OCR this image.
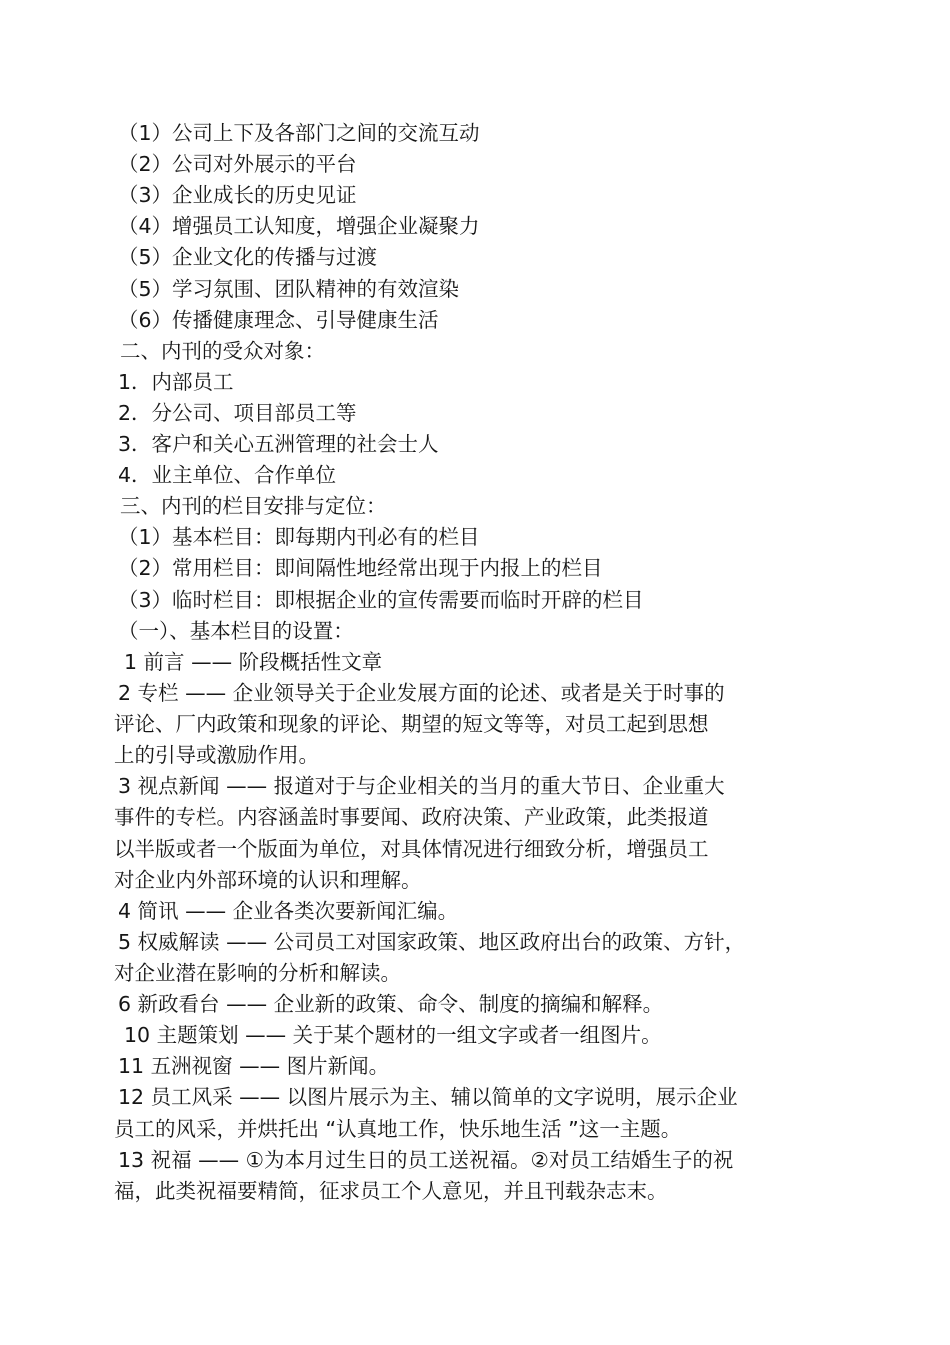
（1）公司上下及各部门之间的交流互动
（2）公司对外展示的平台
（3）企业成长的历史见证
（4）增强员工认知度，增强企业凝聚力
（5）企业文化的传播与过渡
（5）学习氛围、团队精神的有效渲染
（6）传播健康理念、引导健康生活
二、内刊的受众对象：
1．内部员工
2．分公司、项目部员工等
3．客户和关心五洲管理的社会士人
4．业主单位、合作单位
三、内刊的栏目安排与定位：
（1）基本栏目：即每期内刊必有的栏目
（2）常用栏目：即间隔性地经常出现于内报上的栏目
（3）临时栏目：即根据企业的宣传需要而临时开辟的栏目
（一）、基本栏目的设置：
1 前言 —— 阶段概括性文章
2 专栏 —— 企业领导关于企业发展方面的论述、或者是关于时事的
评论、厂内政策和现象的评论、期望的短文等等，对员工起到思想
上的引导或激励作用。
3 视点新闻 —— 报道对于与企业相关的当月的重大节日、企业重大
事件的专栏。内容涵盖时事要闻、政府决策、产业政策，此类报道
以半版或者一个版面为单位，对具体情况进行细致分析，增强员工
对企业内外部环境的认识和理解。
4 简讯 —— 企业各类次要新闻汇编。
5 权威解读 —— 公司员工对国家政策、地区政府出台的政策、方针，
对企业潜在影响的分析和解读。
6 新政看台 —— 企业新的政策、命令、制度的摘编和解释。
10 主题策划 —— 关于某个题材的一组文字或者一组图片。
11 五洲视窗 —— 图片新闻。
12 员工风采 —— 以图片展示为主、辅以简单的文字说明，展示企业
员工的风采，并烘托出 “认真地工作，快乐地生活 ”这一主题。
13 祝福 —— ①为本月过生日的员工送祝福。②对员工结婚生子的祝
福，此类祝福要精简，征求员工个人意见，并且刊载杂志末。
